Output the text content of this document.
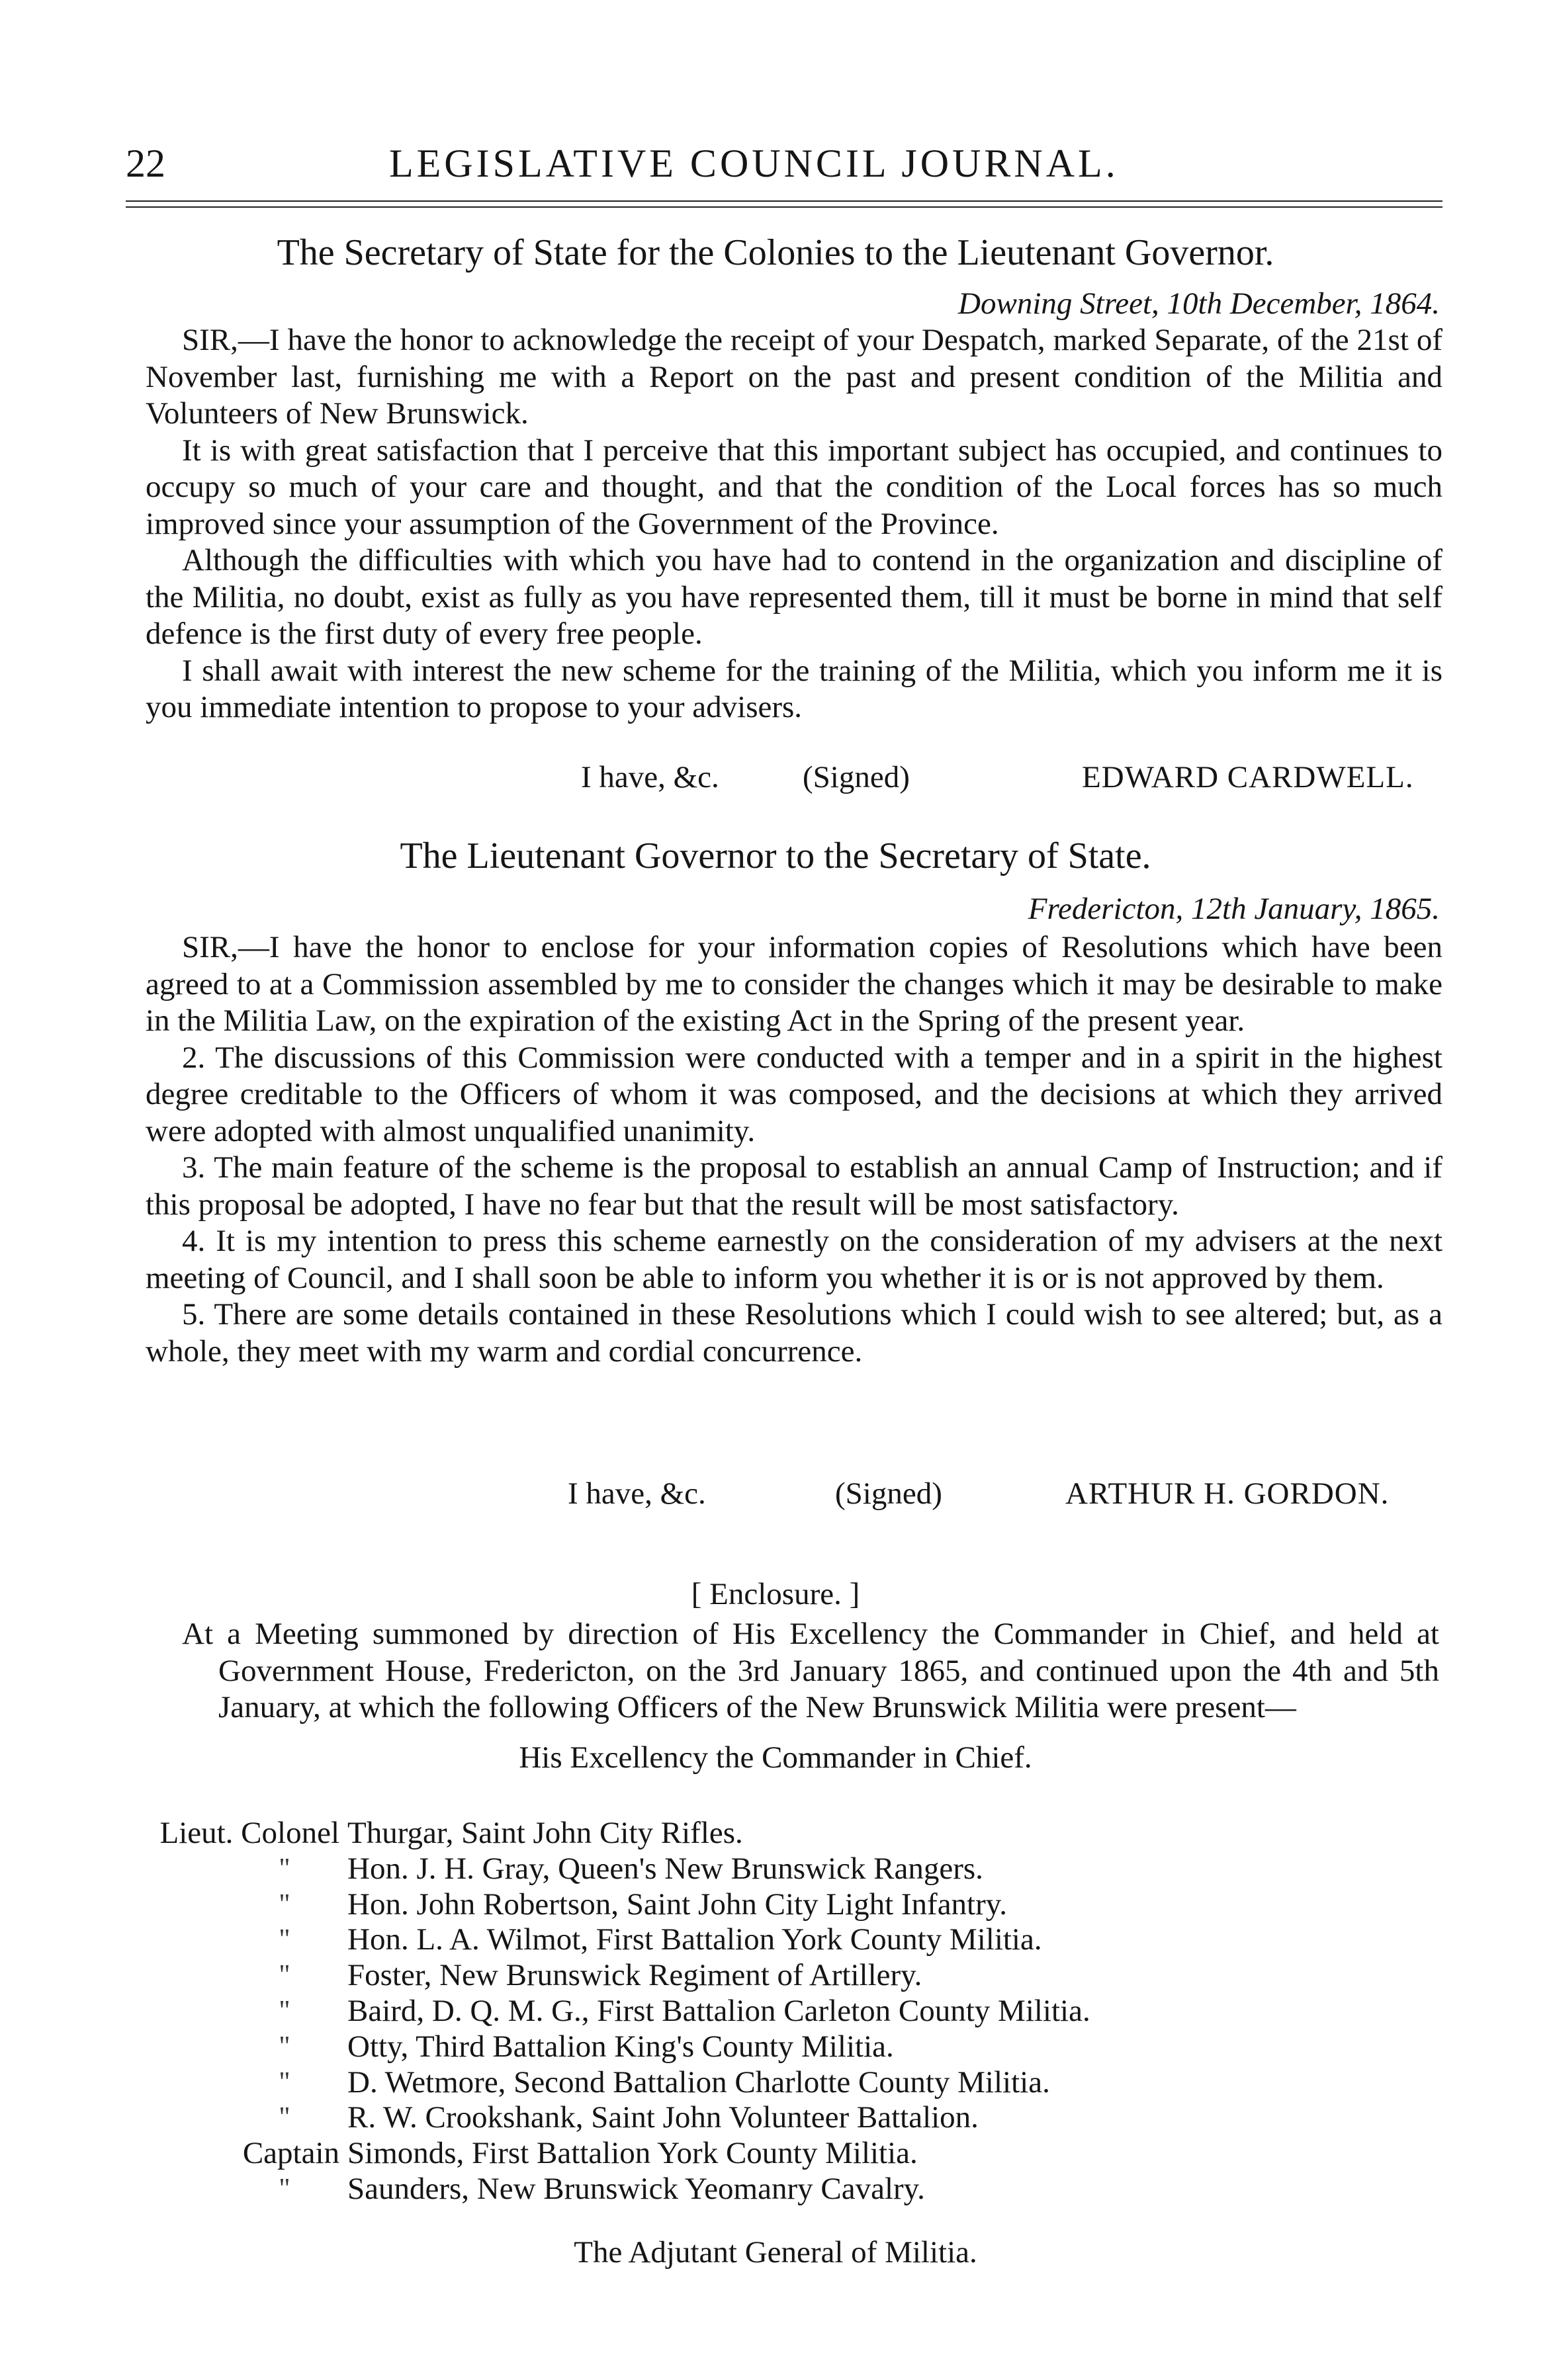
22	LEGISLATIVE COUNCIL JOURNAL.
The Secretary of State for the Colonies to the Lieutenant Governor.
Downing Street, 10th December, 1864.

SIR,—I have the honor to acknowledge the receipt of your Despatch, marked Separate, of the 21st of November last, furnishing me with a Report on the past and present condition of the Militia and Volunteers of New Brunswick.

It is with great satisfaction that I perceive that this important subject has occupied, and continues to occupy so much of your care and thought, and that the condition of the Local forces has so much improved since your assumption of the Government of the Province.

Although the difficulties with which you have had to contend in the organization and discipline of the Militia, no doubt, exist as fully as you have represented them, till it must be borne in mind that self defence is the first duty of every free people.

I shall await with interest the new scheme for the training of the Militia, which you inform me it is you immediate intention to propose to your advisers.

I have, &c.	(Signed)	EDWARD CARDWELL.
The Lieutenant Governor to the Secretary of State.
Fredericton, 12th January, 1865.

SIR,—I have the honor to enclose for your information copies of Resolutions which have been agreed to at a Commission assembled by me to consider the changes which it may be desirable to make in the Militia Law, on the expiration of the existing Act in the Spring of the present year.

2. The discussions of this Commission were conducted with a temper and in a spirit in the highest degree creditable to the Officers of whom it was composed, and the decisions at which they arrived were adopted with almost unqualified unanimity.

3. The main feature of the scheme is the proposal to establish an annual Camp of Instruction; and if this proposal be adopted, I have no fear but that the result will be most satisfactory.

4. It is my intention to press this scheme earnestly on the consideration of my advisers at the next meeting of Council, and I shall soon be able to inform you whether it is or is not approved by them.

5. There are some details contained in these Resolutions which I could wish to see altered; but, as a whole, they meet with my warm and cordial concurrence.

I have, &c.	(Signed)	ARTHUR H. GORDON.
[ Enclosure. ]
At a Meeting summoned by direction of His Excellency the Commander in Chief, and held at Government House, Fredericton, on the 3rd January 1865, and continued upon the 4th and 5th January, at which the following Officers of the New Brunswick Militia were present—
His Excellency the Commander in Chief.
Lieut. Colonel Thurgar, Saint John City Rifles.
"	Hon. J. H. Gray, Queen's New Brunswick Rangers.
"	Hon. John Robertson, Saint John City Light Infantry.
"	Hon. L. A. Wilmot, First Battalion York County Militia.
"	Foster, New Brunswick Regiment of Artillery.
"	Baird, D. Q. M. G., First Battalion Carleton County Militia.
"	Otty, Third Battalion King's County Militia.
"	D. Wetmore, Second Battalion Charlotte County Militia.
"	R. W. Crookshank, Saint John Volunteer Battalion.
Captain Simonds, First Battalion York County Militia.
"	Saunders, New Brunswick Yeomanry Cavalry.
The Adjutant General of Militia.
